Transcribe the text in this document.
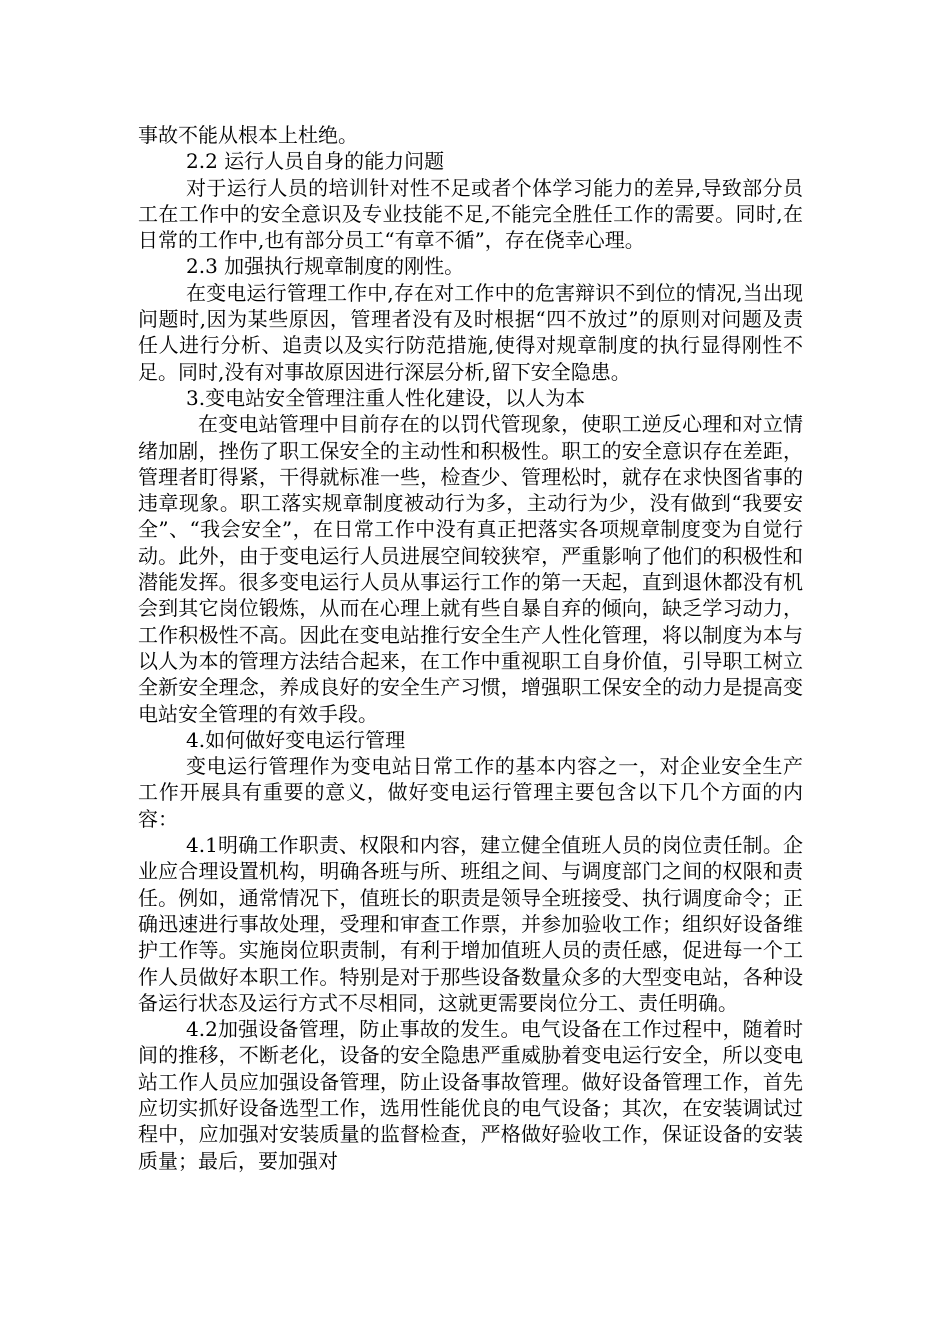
事故不能从根本上杜绝。

2.2 运行人员自身的能力问题

对于运行人员的培训针对性不足或者个体学习能力的差异,导致部分员工在工作中的安全意识及专业技能不足,不能完全胜任工作的需要。同时,在日常的工作中,也有部分员工“有章不循”，存在侥幸心理。

2.3 加强执行规章制度的刚性。

在变电运行管理工作中,存在对工作中的危害辩识不到位的情况,当出现问题时,因为某些原因，管理者没有及时根据“四不放过”的原则对问题及责任人进行分析、追责以及实行防范措施,使得对规章制度的执行显得刚性不足。同时,没有对事故原因进行深层分析,留下安全隐患。

3.变电站安全管理注重人性化建设，以人为本

在变电站管理中目前存在的以罚代管现象，使职工逆反心理和对立情绪加剧，挫伤了职工保安全的主动性和积极性。职工的安全意识存在差距，管理者盯得紧，干得就标准一些，检查少、管理松时，就存在求快图省事的违章现象。职工落实规章制度被动行为多，主动行为少，没有做到“我要安全”、“我会安全”，在日常工作中没有真正把落实各项规章制度变为自觉行动。此外，由于变电运行人员进展空间较狭窄，严重影响了他们的积极性和潜能发挥。很多变电运行人员从事运行工作的第一天起，直到退休都没有机会到其它岗位锻炼，从而在心理上就有些自暴自弃的倾向，缺乏学习动力，工作积极性不高。因此在变电站推行安全生产人性化管理，将以制度为本与以人为本的管理方法结合起来，在工作中重视职工自身价值，引导职工树立全新安全理念，养成良好的安全生产习惯，增强职工保安全的动力是提高变电站安全管理的有效手段。

4.如何做好变电运行管理

变电运行管理作为变电站日常工作的基本内容之一，对企业安全生产工作开展具有重要的意义，做好变电运行管理主要包含以下几个方面的内容：

4.1明确工作职责、权限和内容，建立健全值班人员的岗位责任制。企业应合理设置机构，明确各班与所、班组之间、与调度部门之间的权限和责任。例如，通常情况下，值班长的职责是领导全班接受、执行调度命令；正确迅速进行事故处理，受理和审查工作票，并参加验收工作；组织好设备维护工作等。实施岗位职责制，有利于增加值班人员的责任感，促进每一个工作人员做好本职工作。特别是对于那些设备数量众多的大型变电站，各种设备运行状态及运行方式不尽相同，这就更需要岗位分工、责任明确。

4.2加强设备管理，防止事故的发生。电气设备在工作过程中，随着时间的推移，不断老化，设备的安全隐患严重威胁着变电运行安全，所以变电站工作人员应加强设备管理，防止设备事故管理。做好设备管理工作，首先应切实抓好设备选型工作，选用性能优良的电气设备；其次，在安装调试过程中，应加强对安装质量的监督检查，严格做好验收工作，保证设备的安装质量；最后，要加强对
